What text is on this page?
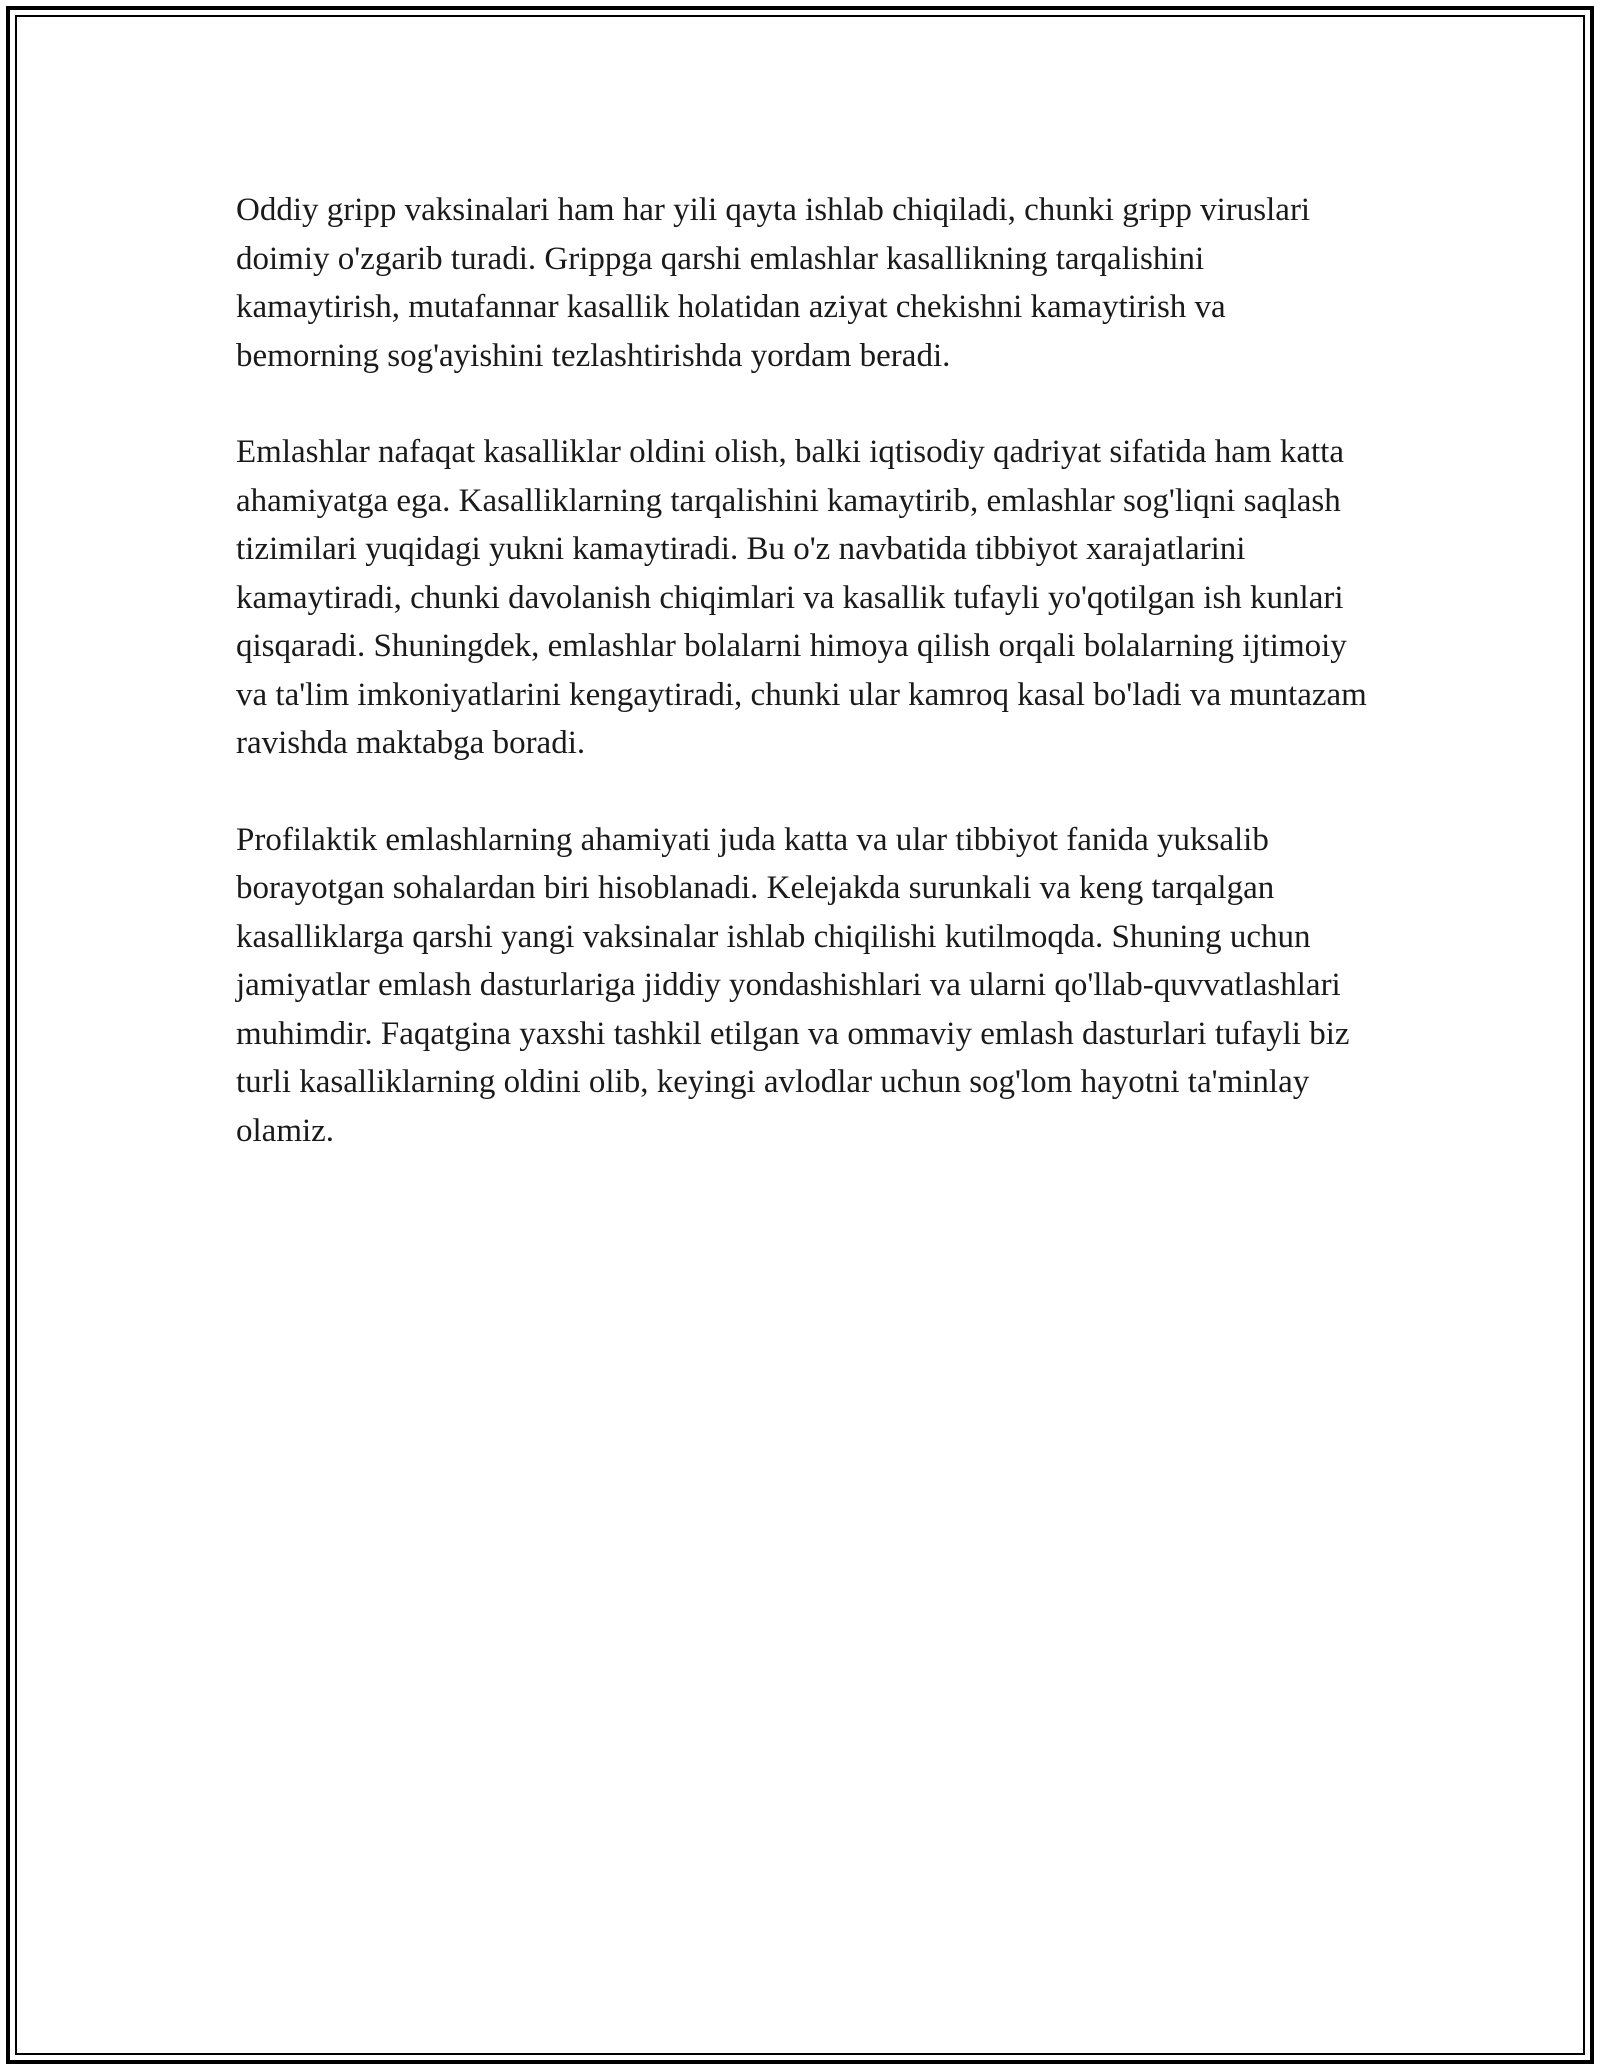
Oddiy gripp vaksinalari ham har yili qayta ishlab chiqiladi, chunki gripp viruslari doimiy o'zgarib turadi. Grippga qarshi emlashlar kasallikning tarqalishini kamaytirish, mutafannar kasallik holatidan aziyat chekishni kamaytirish va bemorning sog'ayishini tezlashtirishda yordam beradi.

Emlashlar nafaqat kasalliklar oldini olish, balki iqtisodiy qadriyat sifatida ham katta ahamiyatga ega. Kasalliklarning tarqalishini kamaytirib, emlashlar sog'liqni saqlash tizimilari yuqidagi yukni kamaytiradi. Bu o'z navbatida tibbiyot xarajatlarini kamaytiradi, chunki davolanish chiqimlari va kasallik tufayli yo'qotilgan ish kunlari qisqaradi. Shuningdek, emlashlar bolalarni himoya qilish orqali bolalarning ijtimoiy va ta'lim imkoniyatlarini kengaytiradi, chunki ular kamroq kasal bo'ladi va muntazam ravishda maktabga boradi.

Profilaktik emlashlarning ahamiyati juda katta va ular tibbiyot fanida yuksalib borayotgan sohalardan biri hisoblanadi. Kelejakda surunkali va keng tarqalgan kasalliklarga qarshi yangi vaksinalar ishlab chiqilishi kutilmoqda. Shuning uchun jamiyatlar emlash dasturlariga jiddiy yondashishlari va ularni qo'llab-quvvatlashlari muhimdir. Faqatgina yaxshi tashkil etilgan va ommaviy emlash dasturlari tufayli biz turli kasalliklarning oldini olib, keyingi avlodlar uchun sog'lom hayotni ta'minlay olamiz.
